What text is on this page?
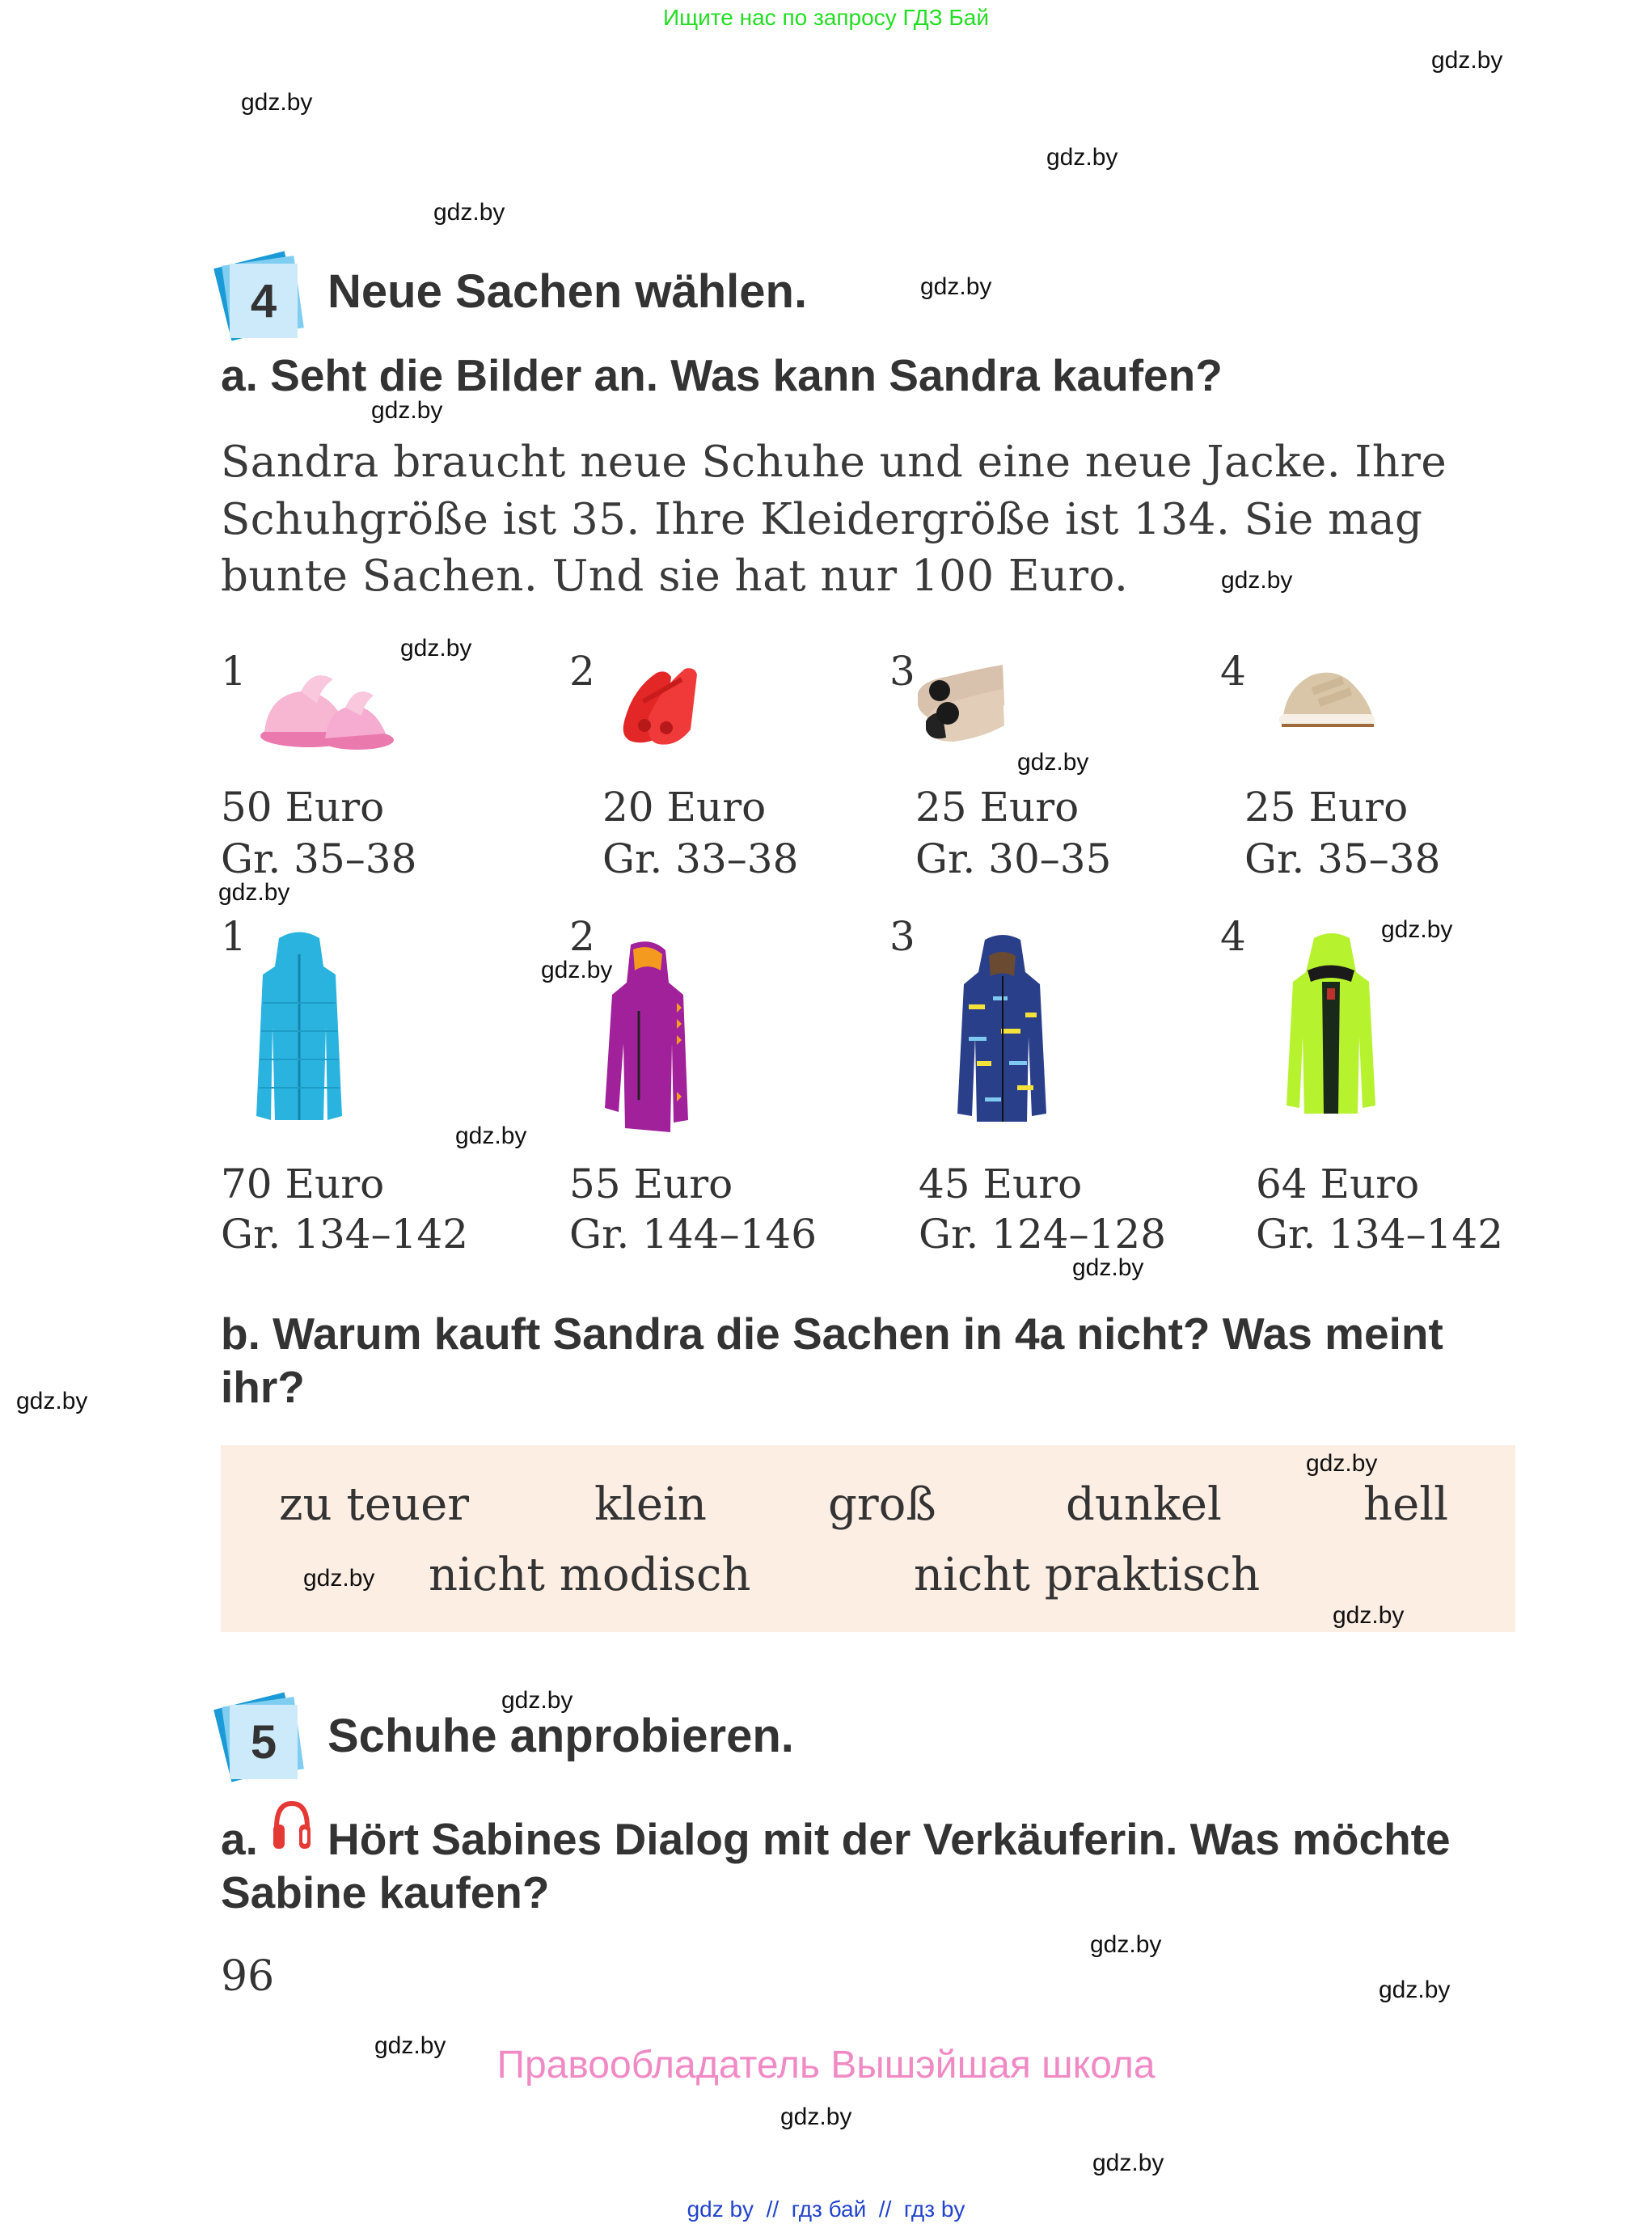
Ищите нас по запросу ГДЗ Бай
4 Neue Sachen wählen.
a. Seht die Bilder an. Was kann Sandra kaufen?
Sandra braucht neue Schuhe und eine neue Jacke. Ihre
Schuhgröße ist 35. Ihre Kleidergröße ist 134. Sie mag
bunte Sachen. Und sie hat nur 100 Euro.
1
50 Euro
Gr. 35–38
2
20 Euro
Gr. 33–38
3
25 Euro
Gr. 30–35
4
25 Euro
Gr. 35–38
1
70 Euro
Gr. 134–142
2
55 Euro
Gr. 144–146
3
45 Euro
Gr. 124–128
4
64 Euro
Gr. 134–142
b. Warum kauft Sandra die Sachen in 4a nicht? Was meint
ihr?
zu teuer	klein	groß	dunkel	hell
nicht modisch	nicht praktisch
5 Schuhe anprobieren.
a. Hört Sabines Dialog mit der Verkäuferin. Was möchte
Sabine kaufen?
96
Правообладатель Вышэйшая школа
gdz by  //  гдз бай  //  гдз by
gdz.by
gdz.by
gdz.by
gdz.by
gdz.by
gdz.by
gdz.by
gdz.by
gdz.by
gdz.by
gdz.by
gdz.by
gdz.by
gdz.by
gdz.by
gdz.by
gdz.by
gdz.by
gdz.by
gdz.by
gdz.by
gdz.by
gdz.by
gdz.by
